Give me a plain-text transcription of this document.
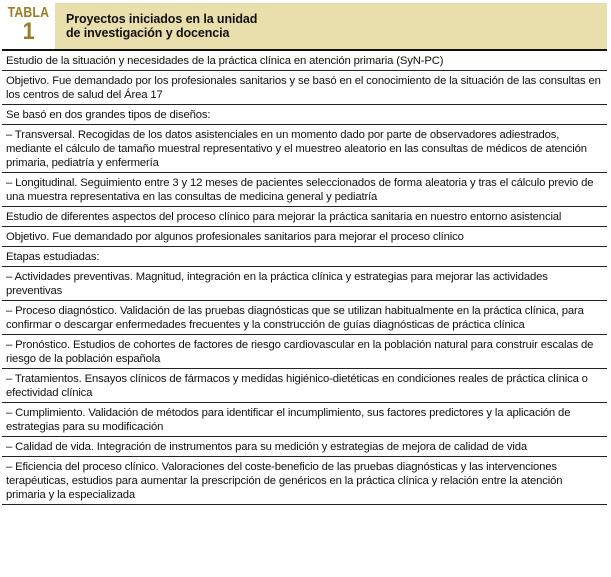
TABLA
1	Proyectos iniciados en la unidad
de investigación y docencia
Estudio de la situación y necesidades de la práctica clínica en atención primaria (SyN-PC)
Objetivo. Fue demandado por los profesionales sanitarios y se basó en el conocimiento de la situación de las consultas en los centros de salud del Área 17
Se basó en dos grandes tipos de diseños:
– Transversal. Recogidas de los datos asistenciales en un momento dado por parte de observadores adiestrados, mediante el cálculo de tamaño muestral representativo y el muestreo aleatorio en las consultas de médicos de atención primaria, pediatría y enfermería
– Longitudinal. Seguimiento entre 3 y 12 meses de pacientes seleccionados de forma aleatoria y tras el cálculo previo de una muestra representativa en las consultas de medicina general y pediatría
Estudio de diferentes aspectos del proceso clínico para mejorar la práctica sanitaria en nuestro entorno asistencial
Objetivo. Fue demandado por algunos profesionales sanitarios para mejorar el proceso clínico
Etapas estudiadas:
– Actividades preventivas. Magnitud, integración en la práctica clínica y estrategias para mejorar las actividades preventivas
– Proceso diagnóstico. Validación de las pruebas diagnósticas que se utilizan habitualmente en la práctica clínica, para confirmar o descargar enfermedades frecuentes y la construcción de guías diagnósticas de práctica clínica
– Pronóstico. Estudios de cohortes de factores de riesgo cardiovascular en la población natural para construir escalas de riesgo de la población española
– Tratamientos. Ensayos clínicos de fármacos y medidas higiénico-dietéticas en condiciones reales de práctica clínica o efectividad clínica
– Cumplimiento. Validación de métodos para identificar el incumplimiento, sus factores predictores y la aplicación de estrategias para su modificación
– Calidad de vida. Integración de instrumentos para su medición y estrategias de mejora de calidad de vida
– Eficiencia del proceso clínico. Valoraciones del coste-beneficio de las pruebas diagnósticas y las intervenciones terapéuticas, estudios para aumentar la prescripción de genéricos en la práctica clínica y relación entre la atención primaria y la especializada
